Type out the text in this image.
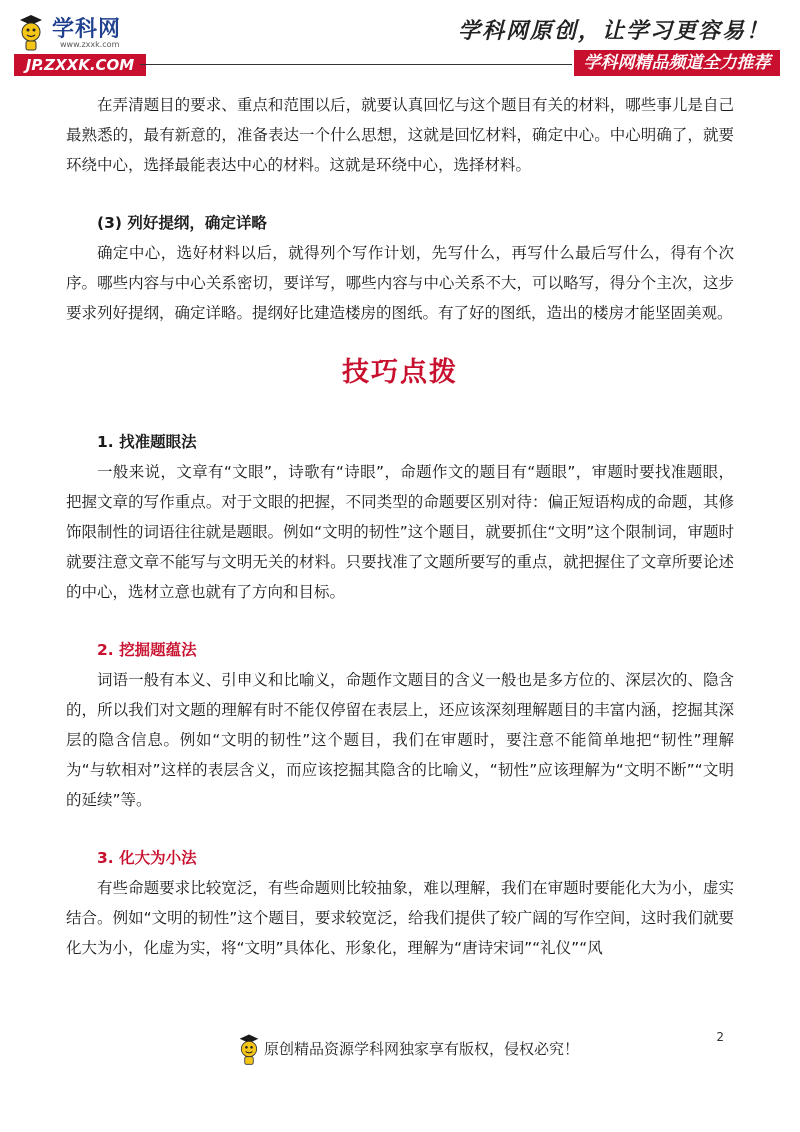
学科网
www.zxxk.com
JP.ZXXK.COM
学科网原创，让学习更容易！
学科网精品频道全力推荐

在弄清题目的要求、重点和范围以后，就要认真回忆与这个题目有关的材料，哪些事儿是自己最熟悉的，最有新意的，准备表达一个什么思想，这就是回忆材料，确定中心。中心明确了，就要环绕中心，选择最能表达中心的材料。这就是环绕中心，选择材料。

(3) 列好提纲，确定详略

确定中心，选好材料以后，就得列个写作计划，先写什么，再写什么最后写什么，得有个次序。哪些内容与中心关系密切，要详写，哪些内容与中心关系不大，可以略写，得分个主次，这步要求列好提纲，确定详略。提纲好比建造楼房的图纸。有了好的图纸，造出的楼房才能坚固美观。

技巧点拨

1. 找准题眼法

一般来说，文章有“文眼”，诗歌有“诗眼”，命题作文的题目有“题眼”，审题时要找准题眼，把握文章的写作重点。对于文眼的把握，不同类型的命题要区别对待：偏正短语构成的命题，其修饰限制性的词语往往就是题眼。例如“文明的韧性”这个题目，就要抓住“文明”这个限制词，审题时就要注意文章不能写与文明无关的材料。只要找准了文题所要写的重点，就把握住了文章所要论述的中心，选材立意也就有了方向和目标。

2. 挖掘题蕴法

词语一般有本义、引申义和比喻义，命题作文题目的含义一般也是多方位的、深层次的、隐含的，所以我们对文题的理解有时不能仅停留在表层上，还应该深刻理解题目的丰富内涵，挖掘其深层的隐含信息。例如“文明的韧性”这个题目，我们在审题时，要注意不能简单地把“韧性”理解为“与软相对”这样的表层含义，而应该挖掘其隐含的比喻义，“韧性”应该理解为“文明不断”“文明的延续”等。

3. 化大为小法

有些命题要求比较宽泛，有些命题则比较抽象，难以理解，我们在审题时要能化大为小，虚实结合。例如“文明的韧性”这个题目，要求较宽泛，给我们提供了较广阔的写作空间，这时我们就要化大为小，化虚为实，将“文明”具体化、形象化，理解为“唐诗宋词”“礼仪”“风

2
原创精品资源学科网独家享有版权，侵权必究！
